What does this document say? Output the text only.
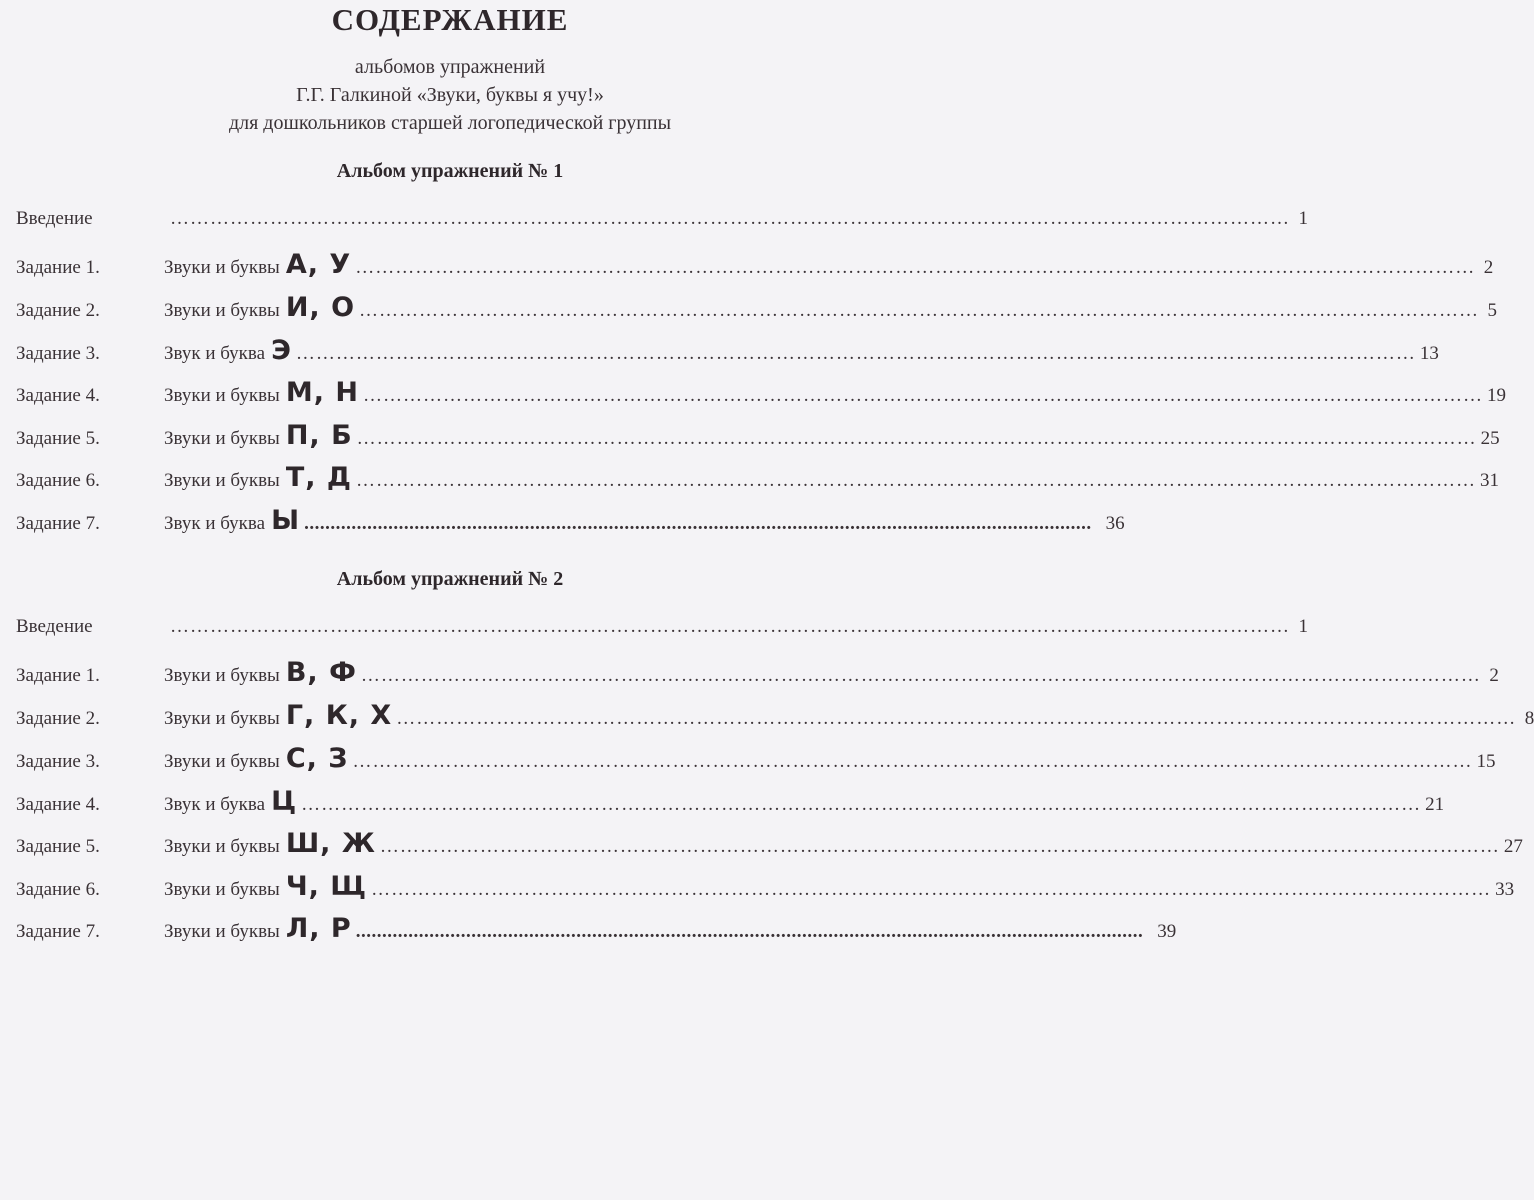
СОДЕРЖАНИЕ
альбомов упражнений
Г.Г. Галкиной «Звуки, буквы я учу!»
для дошкольников старшей логопедической группы
Альбом упражнений № 1
Введение	…………………………………………………………………………………………………………………………………………………… 1
Задание 1.	Звуки и буквы А, У …………………………………………………………………………………………………………………………………………………… 2
Задание 2.	Звуки и буквы И, О …………………………………………………………………………………………………………………………………………………… 5
Задание 3.	Звук и буква Э …………………………………………………………………………………………………………………………………………………… 13
Задание 4.	Звуки и буквы М, Н …………………………………………………………………………………………………………………………………………………… 19
Задание 5.	Звуки и буквы П, Б …………………………………………………………………………………………………………………………………………………… 25
Задание 6.	Звуки и буквы Т, Д …………………………………………………………………………………………………………………………………………………… 31
Задание 7.	Звук и буква Ы ...................................................................................................................................................... 36
Альбом упражнений № 2
Введение	…………………………………………………………………………………………………………………………………………………… 1
Задание 1.	Звуки и буквы В, Ф …………………………………………………………………………………………………………………………………………………… 2
Задание 2.	Звуки и буквы Г, К, Х …………………………………………………………………………………………………………………………………………………… 8
Задание 3.	Звуки и буквы С, З …………………………………………………………………………………………………………………………………………………… 15
Задание 4.	Звук и буква Ц …………………………………………………………………………………………………………………………………………………… 21
Задание 5.	Звуки и буквы Ш, Ж …………………………………………………………………………………………………………………………………………………… 27
Задание 6.	Звуки и буквы Ч, Щ …………………………………………………………………………………………………………………………………………………… 33
Задание 7.	Звуки и буквы Л, Р ...................................................................................................................................................... 39
